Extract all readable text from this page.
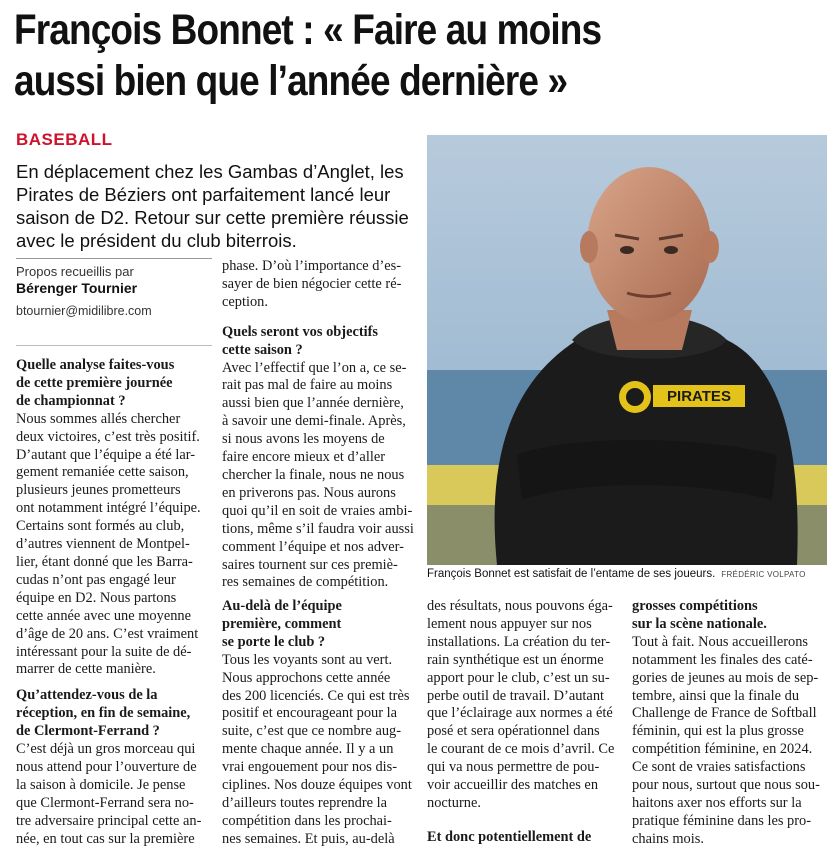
François Bonnet : « Faire au moins
aussi bien que l’année dernière »
BASEBALL
En déplacement chez les Gambas d’Anglet, les
Pirates de Béziers ont parfaitement lancé leur
saison de D2. Retour sur cette première réussie
avec le président du club biterrois.
PIRATES
François Bonnet est satisfait de l’entame de ses joueurs. FRÉDÉRIC VOLPATO
Propos recueillis par
Bérenger Tournier
btournier@midilibre.com
Quelle analyse faites-vous
de cette première journée
de championnat ?
Nous sommes allés chercher
deux victoires, c’est très positif.
D’autant que l’équipe a été lar-
gement remaniée cette saison,
plusieurs jeunes prometteurs
ont notamment intégré l’équipe.
Certains sont formés au club,
d’autres viennent de Montpel-
lier, étant donné que les Barra-
cudas n’ont pas engagé leur
équipe en D2. Nous partons
cette année avec une moyenne
d’âge de 20 ans. C’est vraiment
intéressant pour la suite de dé-
marrer de cette manière.
Qu’attendez-vous de la
réception, en fin de semaine,
de Clermont-Ferrand ?
C’est déjà un gros morceau qui
nous attend pour l’ouverture de
la saison à domicile. Je pense
que Clermont-Ferrand sera no-
tre adversaire principal cette an-
née, en tout cas sur la première
phase. D’où l’importance d’es-
sayer de bien négocier cette ré-
ception.
Quels seront vos objectifs
cette saison ?
Avec l’effectif que l’on a, ce se-
rait pas mal de faire au moins
aussi bien que l’année dernière,
à savoir une demi-finale. Après,
si nous avons les moyens de
faire encore mieux et d’aller
chercher la finale, nous ne nous
en priverons pas. Nous aurons
quoi qu’il en soit de vraies ambi-
tions, même s’il faudra voir aussi
comment l’équipe et nos adver-
saires tournent sur ces premiè-
res semaines de compétition.
Au-delà de l’équipe
première, comment
se porte le club ?
Tous les voyants sont au vert.
Nous approchons cette année
des 200 licenciés. Ce qui est très
positif et encourageant pour la
suite, c’est que ce nombre aug-
mente chaque année. Il y a un
vrai engouement pour nos dis-
ciplines. Nos douze équipes vont
d’ailleurs toutes reprendre la
compétition dans les prochai-
nes semaines. Et puis, au-delà
des résultats, nous pouvons éga-
lement nous appuyer sur nos
installations. La création du ter-
rain synthétique est un énorme
apport pour le club, c’est un su-
perbe outil de travail. D’autant
que l’éclairage aux normes a été
posé et sera opérationnel dans
le courant de ce mois d’avril. Ce
qui va nous permettre de pou-
voir accueillir des matches en
nocturne.
Et donc potentiellement de
grosses compétitions
sur la scène nationale.
Tout à fait. Nous accueillerons
notamment les finales des caté-
gories de jeunes au mois de sep-
tembre, ainsi que la finale du
Challenge de France de Softball
féminin, qui est la plus grosse
compétition féminine, en 2024.
Ce sont de vraies satisfactions
pour nous, surtout que nous sou-
haitons axer nos efforts sur la
pratique féminine dans les pro-
chains mois.
